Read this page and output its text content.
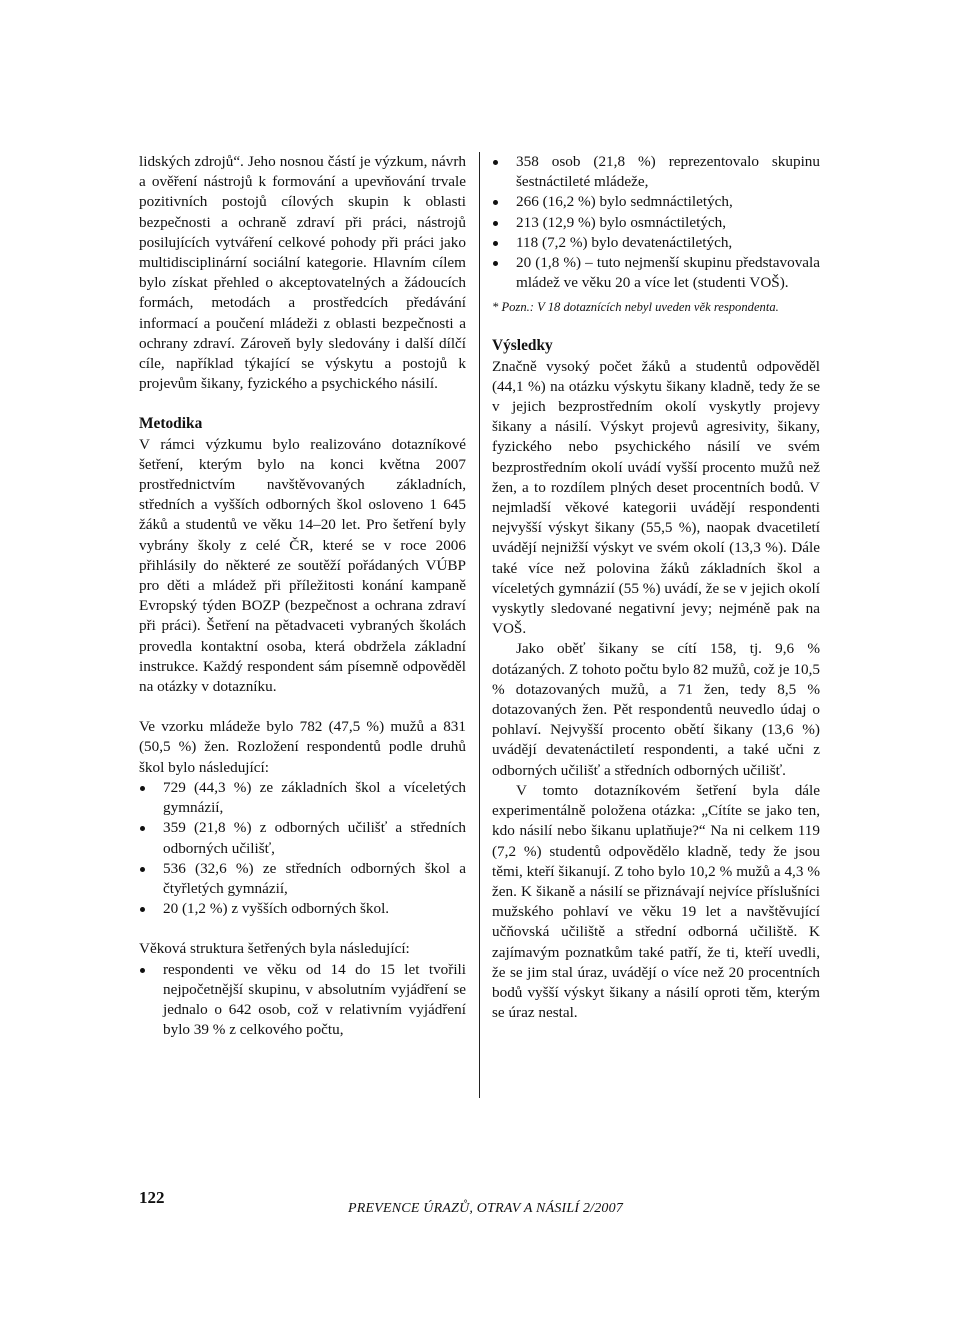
lidských zdrojů“. Jeho nosnou částí je výzkum, návrh a ověření nástrojů k formování a upevňování trvale pozitivních postojů cílových skupin k oblasti bezpečnosti a ochraně zdraví při práci, nástrojů posilujících vytváření celkové pohody při práci jako multidisciplinární sociální kategorie. Hlavním cílem bylo získat přehled o akceptovatelných a žádoucích formách, metodách a prostředcích předávání informací a poučení mládeži z oblasti bezpečnosti a ochrany zdraví. Zároveň byly sledovány i další dílčí cíle, například týkající se výskytu a postojů k projevům šikany, fyzického a psychického násilí.

Metodika

V rámci výzkumu bylo realizováno dotazníkové šetření, kterým bylo na konci května 2007 prostřednictvím navštěvovaných základních, středních a vyšších odborných škol osloveno 1 645 žáků a studentů ve věku 14–20 let. Pro šetření byly vybrány školy z celé ČR, které se v roce 2006 přihlásily do některé ze soutěží pořádaných VÚBP pro děti a mládež při příležitosti konání kampaně Evropský týden BOZP (bezpečnost a ochrana zdraví při práci). Šetření na pětadvaceti vybraných školách provedla kontaktní osoba, která obdržela základní instrukce. Každý respondent sám písemně odpověděl na otázky v dotazníku.

Ve vzorku mládeže bylo 782 (47,5 %) mužů a 831 (50,5 %) žen. Rozložení respondentů podle druhů škol bylo následující:

729 (44,3 %) ze základních škol a víceletých gymnázií,
359 (21,8 %) z odborných učilišť a středních odborných učilišť,
536 (32,6 %) ze středních odborných škol a čtyřletých gymnázií,
20 (1,2 %) z vyšších odborných škol.

Věková struktura šetřených byla následující:

respondenti ve věku od 14 do 15 let tvořili nejpočetnější skupinu, v absolutním vyjádření se jednalo o 642 osob, což v relativním vyjádření bylo 39 % z celkového počtu,
358 osob (21,8 %) reprezentovalo skupinu šestnáctileté mládeže,
266 (16,2 %) bylo sedmnáctiletých,
213 (12,9 %) bylo osmnáctiletých,
118 (7,2 %) bylo devatenáctiletých,
20 (1,8 %) – tuto nejmenší skupinu představovala mládež ve věku 20 a více let (studenti VOŠ).

* Pozn.: V 18 dotaznících nebyl uveden věk respondenta.

Výsledky

Značně vysoký počet žáků a studentů odpověděl (44,1 %) na otázku výskytu šikany kladně, tedy že se v jejich bezprostředním okolí vyskytly projevy šikany a násilí. Výskyt projevů agresivity, šikany, fyzického nebo psychického násilí ve svém bezprostředním okolí uvádí vyšší procento mužů než žen, a to rozdílem plných deset procentních bodů. V nejmladší věkové kategorii uvádějí respondenti nejvyšší výskyt šikany (55,5 %), naopak dvacetiletí uvádějí nejnižší výskyt ve svém okolí (13,3 %). Dále také více než polovina žáků základních škol a víceletých gymnázií (55 %) uvádí, že se v jejich okolí vyskytly sledované negativní jevy; nejméně pak na VOŠ.

Jako oběť šikany se cítí 158, tj. 9,6 % dotázaných. Z tohoto počtu bylo 82 mužů, což je 10,5 % dotazovaných mužů, a 71 žen, tedy 8,5 % dotazovaných žen. Pět respondentů neuvedlo údaj o pohlaví. Nejvyšší procento obětí šikany (13,6 %) uvádějí devatenáctiletí respondenti, a také učni z odborných učilišť a středních odborných učilišť.

V tomto dotazníkovém šetření byla dále experimentálně položena otázka: „Cítíte se jako ten, kdo násilí nebo šikanu uplatňuje?“ Na ni celkem 119 (7,2 %) studentů odpovědělo kladně, tedy že jsou těmi, kteří šikanují. Z toho bylo 10,2 % mužů a 4,3 % žen. K šikaně a násilí se přiznávají nejvíce příslušníci mužského pohlaví ve věku 19 let a navštěvující učňovská učiliště a střední odborná učiliště. K zajímavým poznatkům také patří, že ti, kteří uvedli, že se jim stal úraz, uvádějí o více než 20 procentních bodů vyšší výskyt šikany a násilí oproti těm, kterým se úraz nestal.

122
PREVENCE ÚRAZŮ, OTRAV A NÁSILÍ 2/2007
